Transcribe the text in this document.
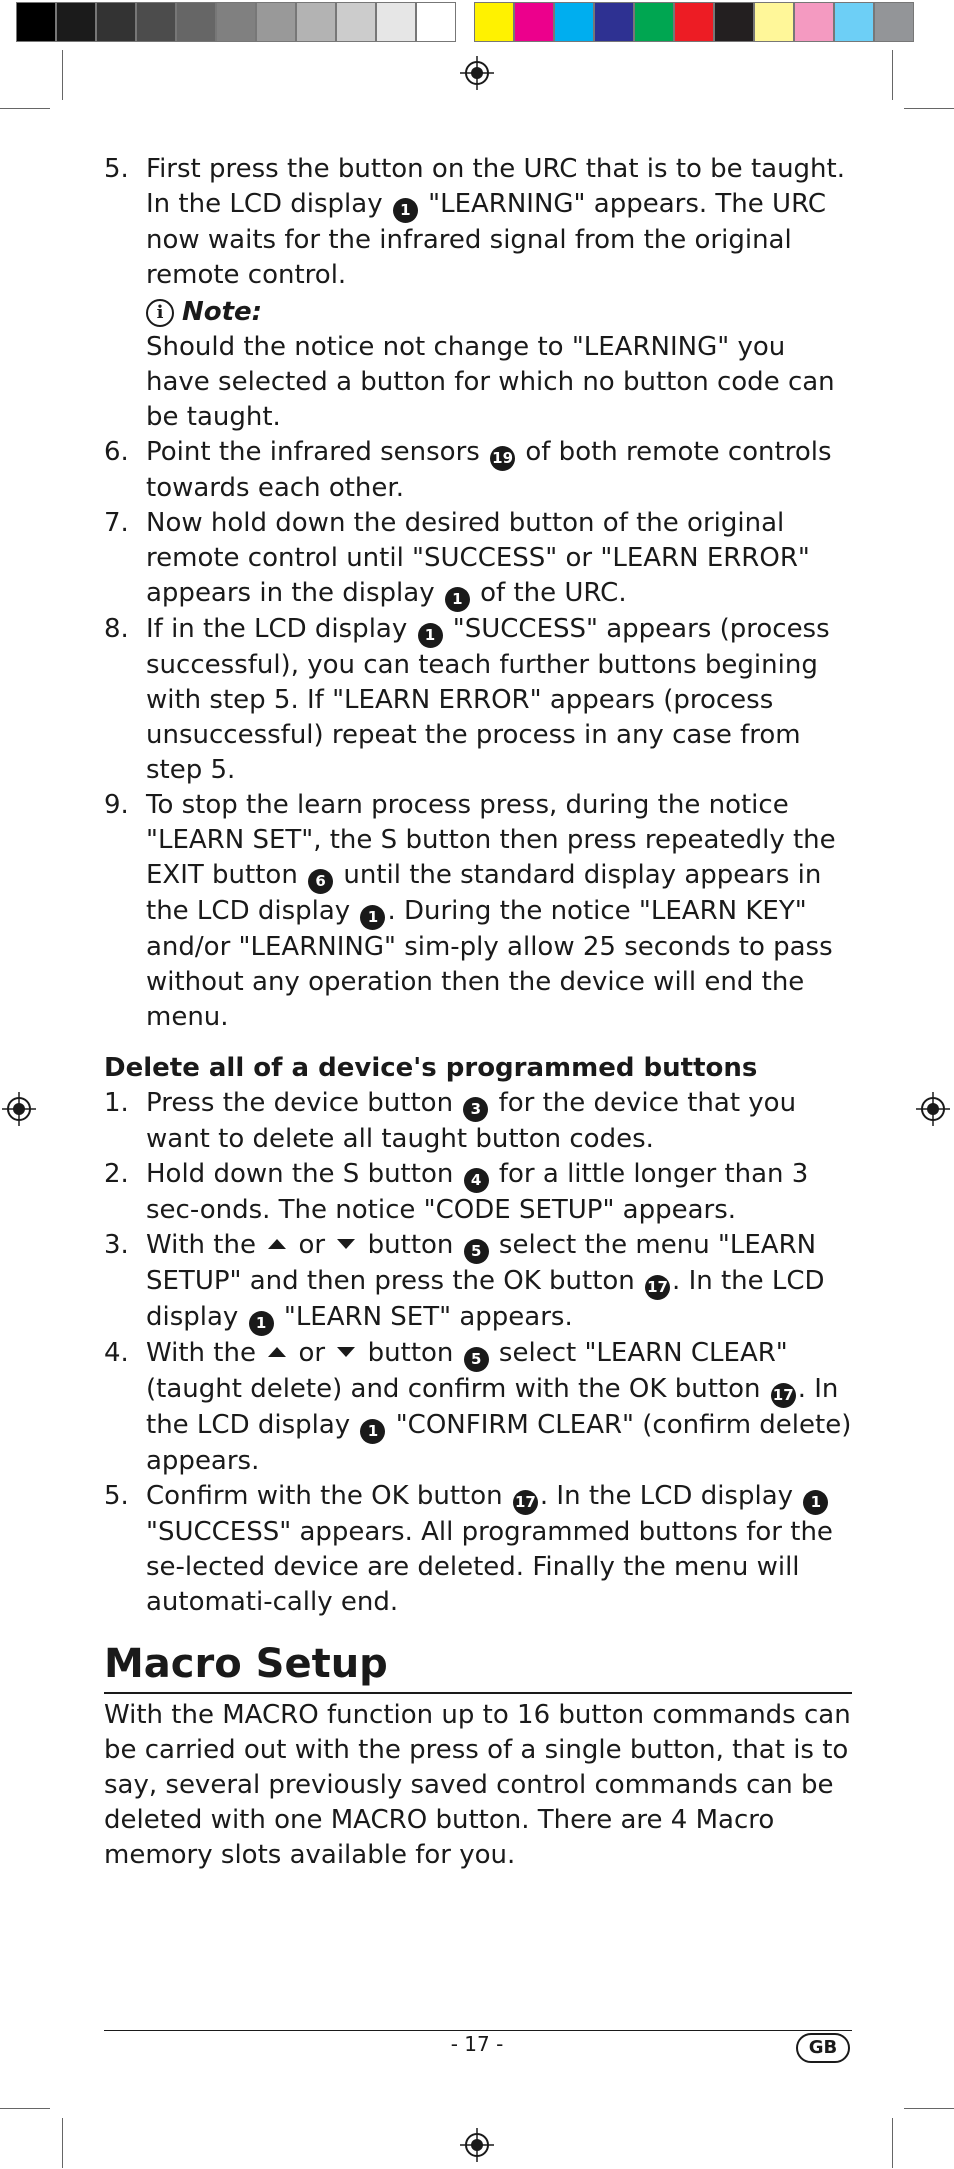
5. First press the button on the URC that is to be taught. In the LCD display 1 "LEARNING" appears. The URC now waits for the infrared signal from the original remote control.
i Note:
Should the notice not change to "LEARNING" you have selected a button for which no button code can be taught.
6. Point the infrared sensors 19 of both remote controls towards each other.
7. Now hold down the desired button of the original remote control until "SUCCESS" or "LEARN ERROR" appears in the display 1 of the URC.
8. If in the LCD display 1 "SUCCESS" appears (process successful), you can teach further buttons begining with step 5. If "LEARN ERROR" appears (process unsuccessful) repeat the process in any case from step 5.
9. To stop the learn process press, during the notice "LEARN SET", the S button then press repeatedly the EXIT button 6 until the standard display appears in the LCD display 1 . During the notice "LEARN KEY" and/or "LEARNING" sim-ply allow 25 seconds to pass without any operation then the device will end the menu.
Delete all of a device's programmed buttons
1. Press the device button 3 for the device that you want to delete all taught button codes.
2. Hold down the S button 4 for a little longer than 3 sec-onds. The notice "CODE SETUP" appears.
3. With the  or  button 5 select the menu "LEARN SETUP" and then press the OK button 17 . In the LCD display 1 "LEARN SET" appears.
4. With the  or  button 5 select "LEARN CLEAR" (taught delete) and confirm with the OK button 17 . In the LCD display 1 "CONFIRM CLEAR" (confirm delete) appears.
5. Confirm with the OK button 17 . In the LCD display 1 "SUCCESS" appears. All programmed buttons for the se-lected device are deleted. Finally the menu will automati-cally end.
Macro Setup
With the MACRO function up to 16 button commands can be carried out with the press of a single button, that is to say, several previously saved control commands can be deleted with one MACRO button. There are 4 Macro memory slots available for you.
- 17 -	GB
